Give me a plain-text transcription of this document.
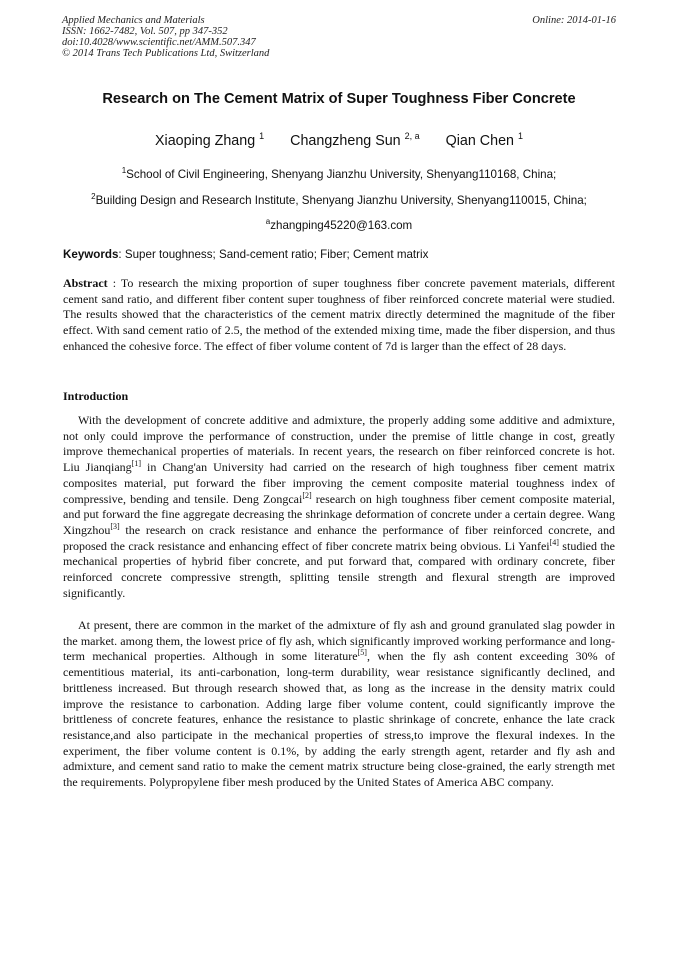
Applied Mechanics and Materials
ISSN: 1662-7482, Vol. 507, pp 347-352
doi:10.4028/www.scientific.net/AMM.507.347
© 2014 Trans Tech Publications Ltd, Switzerland
Online: 2014-01-16
Research on The Cement Matrix of Super Toughness Fiber Concrete
Xiaoping Zhang $^1$ Changzheng Sun $^{2, a}$ Qian Chen $^1$
$^1$School of Civil Engineering, Shenyang Jianzhu University, Shenyang110168, China;
$^2$Building Design and Research Institute, Shenyang Jianzhu University, Shenyang110015, China;
$^a$zhangping45220@163.com
Keywords: Super toughness; Sand-cement ratio; Fiber; Cement matrix
Abstract : To research the mixing proportion of super toughness fiber concrete pavement materials, different cement sand ratio, and different fiber content super toughness of fiber reinforced concrete material were studied. The results showed that the characteristics of the cement matrix directly determined the magnitude of the fiber effect. With sand cement ratio of 2.5, the method of the extended mixing time, made the fiber dispersion, and thus enhanced the cohesive force. The effect of fiber volume content of 7d is larger than the effect of 28 days.
Introduction

With the development of concrete additive and admixture, the properly adding some additive and admixture, not only could improve the performance of construction, under the premise of little change in cost, greatly improve themechanical properties of materials. In recent years, the research on fiber reinforced concrete is hot. Liu Jianqiang[1] in Chang'an University had carried on the research of high toughness fiber cement matrix composites material, put forward the fiber improving the cement composite material toughness index of compressive, bending and tensile. Deng Zongcai[2] research on high toughness fiber cement composite material, and put forward the fine aggregate decreasing the shrinkage deformation of concrete under a certain degree. Wang Xingzhou[3] the research on crack resistance and enhance the performance of fiber reinforced concrete, and proposed the crack resistance and enhancing effect of fiber concrete matrix being obvious. Li Yanfei[4] studied the mechanical properties of hybrid fiber concrete, and put forward that, compared with ordinary concrete, fiber reinforced concrete compressive strength, splitting tensile strength and flexural strength are improved significantly.

At present, there are common in the market of the admixture of fly ash and ground granulated slag powder in the market. among them, the lowest price of fly ash, which significantly improved working performance and long-term mechanical properties. Although in some literature[5], when the fly ash content exceeding 30% of cementitious material, its anti-carbonation, long-term durability, wear resistance significantly declined, and brittleness increased. But through research showed that, as long as the increase in the density matrix could improve the resistance to carbonation. Adding large fiber volume content, could significantly improve the brittleness of concrete features, enhance the resistance to plastic shrinkage of concrete, enhance the late crack resistance,and also participate in the mechanical properties of stress,to improve the flexural indexes. In the experiment, the fiber volume content is 0.1%, by adding the early strength agent, retarder and fly ash and admixture, and cement sand ratio to make the cement matrix structure being close-grained, the early strength met the requirements. Polypropylene fiber mesh produced by the United States of America ABC company.
